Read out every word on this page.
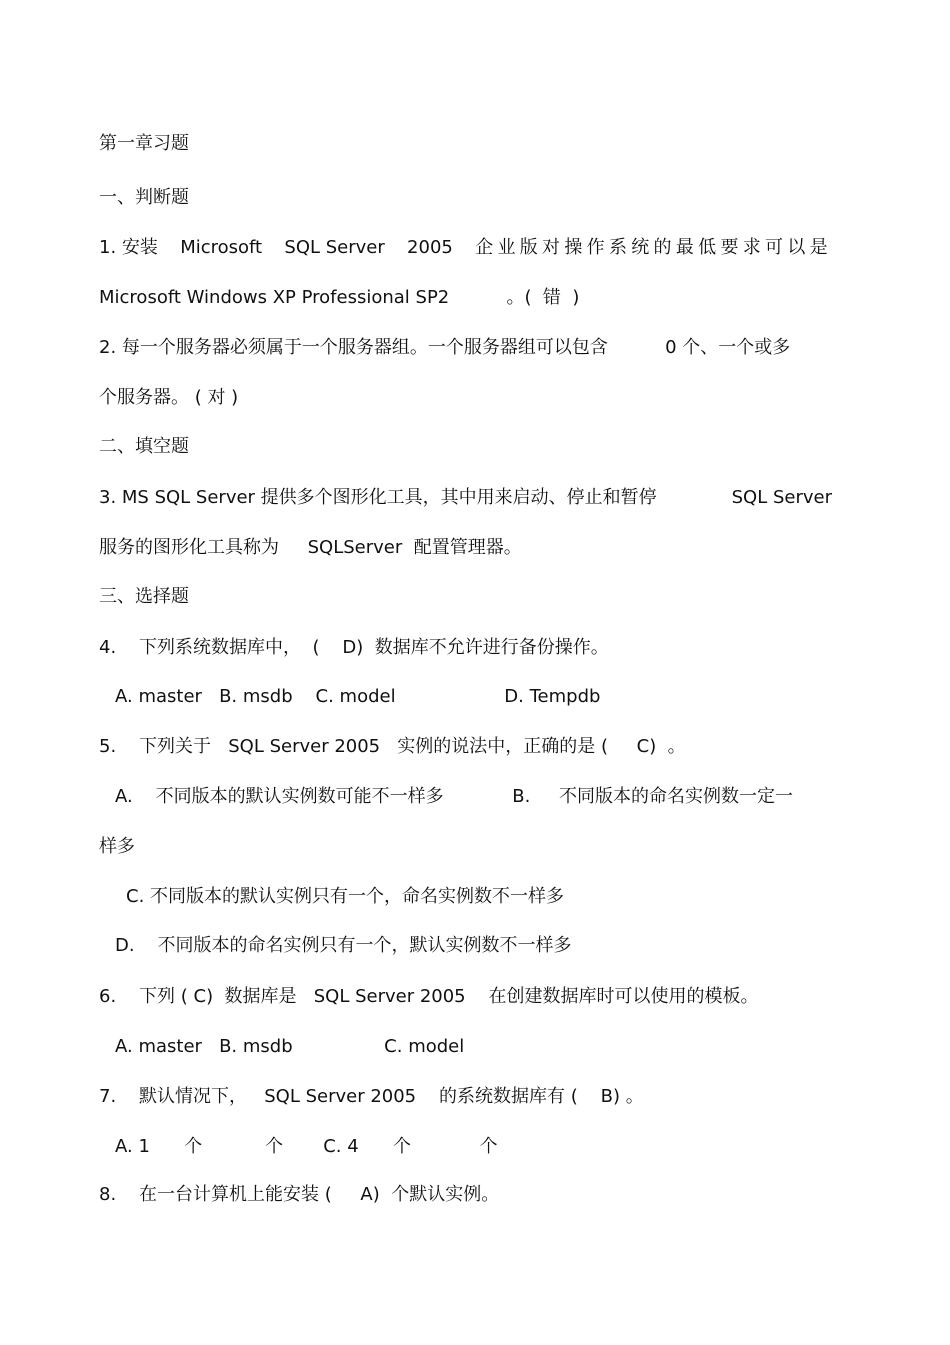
第一章习题
一、判断题
1. 安装 Microsoft SQL Server 2005 企业版对操作系统的最低要求可以是
Microsoft Windows XP Professional SP2          。(  错  )
2. 每一个服务器必须属于一个服务器组。一个服务器组可以包含          0 个、一个或多
个服务器。 ( 对 )
二、填空题
3. MS SQL Server 提供多个图形化工具，其中用来启动、停止和暂停	SQL Server
服务的图形化工具称为     SQLServer  配置管理器。
三、选择题
4.    下列系统数据库中，  (    D)  数据库不允许进行备份操作。
A. master   B. msdb    C. model                   D. Tempdb
5.    下列关于   SQL Server 2005   实例的说法中，正确的是 (     C)  。
A.    不同版本的默认实例数可能不一样多            B.     不同版本的命名实例数一定一
样多
C. 不同版本的默认实例只有一个，命名实例数不一样多
D.    不同版本的命名实例只有一个，默认实例数不一样多
6.    下列 ( C)  数据库是   SQL Server 2005    在创建数据库时可以使用的模板。
A. master   B. msdb                C. model
7.    默认情况下，   SQL Server 2005    的系统数据库有 (    B) 。
A. 1      个           个       C. 4      个            个
8.    在一台计算机上能安装 (     A)  个默认实例。
